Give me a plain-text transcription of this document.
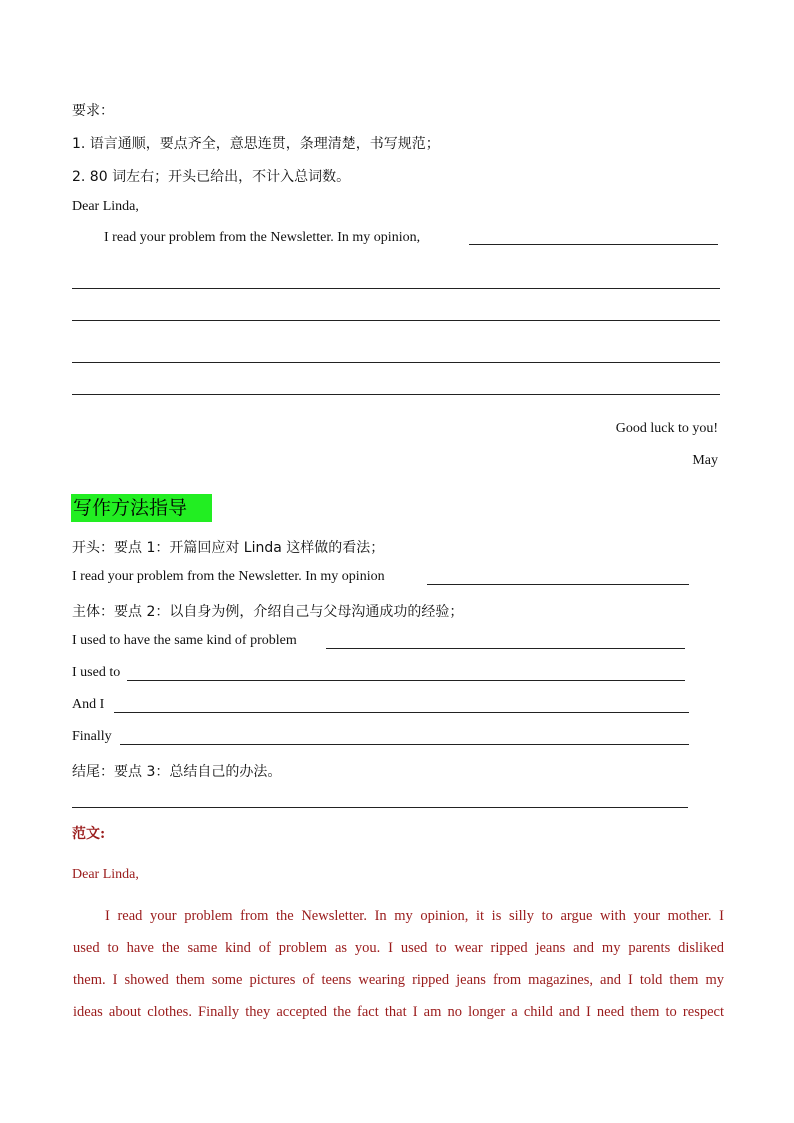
要求：
1. 语言通顺，要点齐全，意思连贯，条理清楚，书写规范；
2. 80 词左右；开头已给出，不计入总词数。
Dear Linda,
I read your problem from the Newsletter. In my opinion,
Good luck to you!
May
写作方法指导
开头：要点 1：开篇回应对 Linda 这样做的看法；
I read your problem from the Newsletter. In my opinion
主体：要点 2：以自身为例，介绍自己与父母沟通成功的经验；
I used to have the same kind of problem
I used to
And I
Finally
结尾：要点 3：总结自己的办法。
范文:
Dear Linda,
I read your problem from the Newsletter. In my opinion, it is silly to argue with your mother. I
used to have the same kind of problem as you. I used to wear ripped jeans and my parents disliked
them. I showed them some pictures of teens wearing ripped jeans from magazines, and I told them my
ideas about clothes. Finally they accepted the fact that I am no longer a child and I need them to respect
